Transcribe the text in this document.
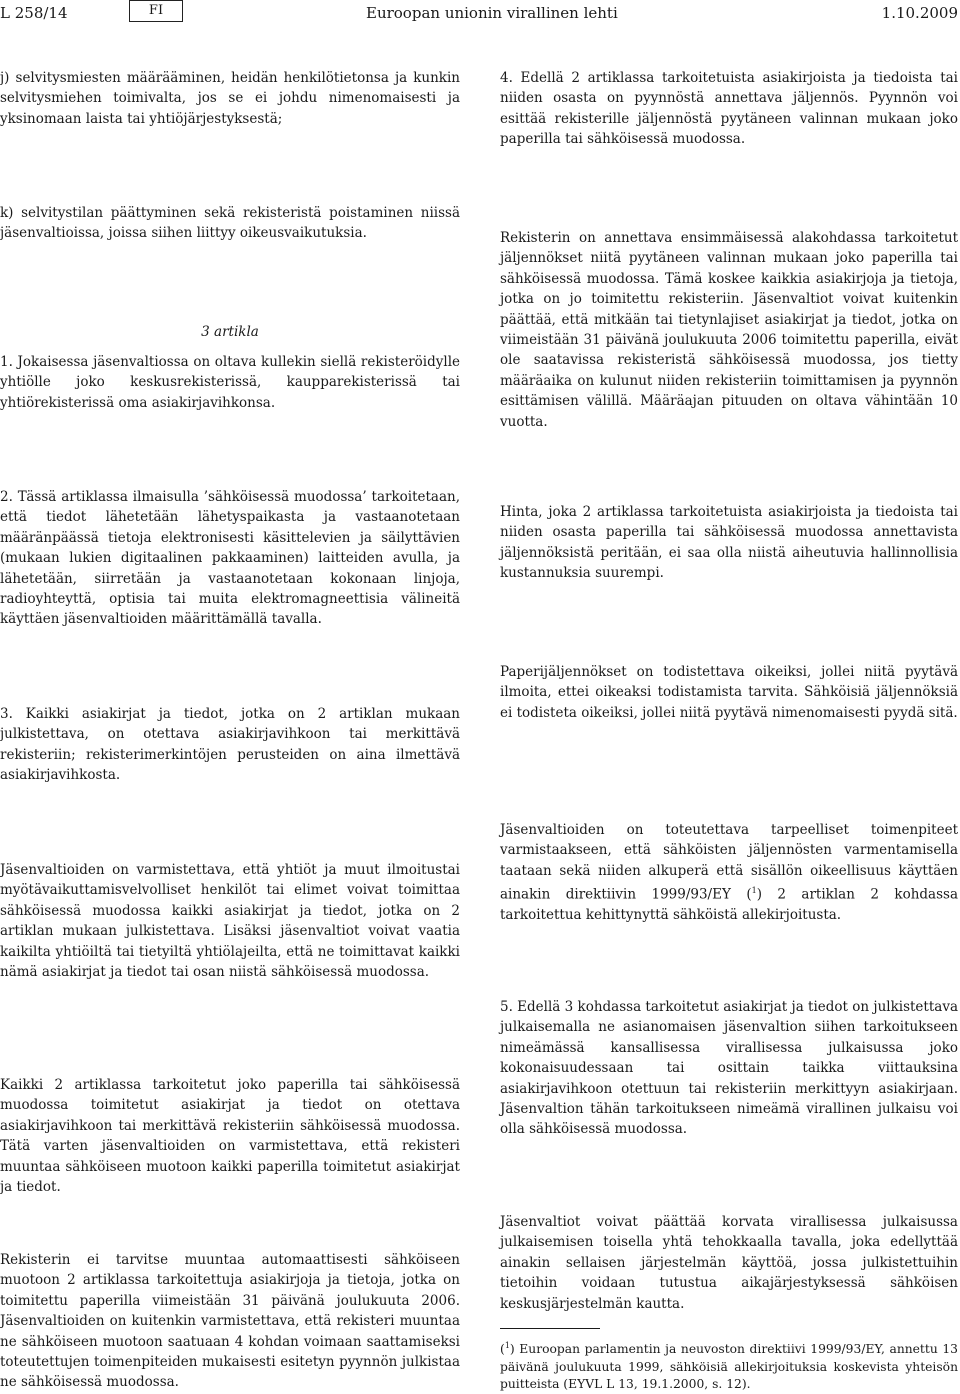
L 258/14	FI	Euroopan unionin virallinen lehti	1.10.2009

j) selvitysmiesten määrääminen, heidän henkilötietonsa ja kunkin selvitysmiehen toimivalta, jos se ei johdu nimenomaisesti ja yksinomaan laista tai yhtiöjärjestyksestä;

k) selvitystilan päättyminen sekä rekisteristä poistaminen niissä jäsenvaltioissa, joissa siihen liittyy oikeusvaikutuksia.

3 artikla

1. Jokaisessa jäsenvaltiossa on oltava kullekin siellä rekisteröidylle yhtiölle joko keskusrekisterissä, kaupparekisterissä tai yhtiörekisterissä oma asiakirjavihkonsa.

2. Tässä artiklassa ilmaisulla ’sähköisessä muodossa’ tarkoitetaan, että tiedot lähetetään lähetyspaikasta ja vastaanotetaan määränpäässä tietoja elektronisesti käsittelevien ja säilyttävien (mukaan lukien digitaalinen pakkaaminen) laitteiden avulla, ja lähetetään, siirretään ja vastaanotetaan kokonaan linjoja, radioyhteyttä, optisia tai muita elektromagneettisia välineitä käyttäen jäsenvaltioiden määrittämällä tavalla.

3. Kaikki asiakirjat ja tiedot, jotka on 2 artiklan mukaan julkistettava, on otettava asiakirjavihkoon tai merkittävä rekisteriin; rekisterimerkintöjen perusteiden on aina ilmettävä asiakirjavihkosta.

Jäsenvaltioiden on varmistettava, että yhtiöt ja muut ilmoitustai myötävaikuttamisvelvolliset henkilöt tai elimet voivat toimittaa sähköisessä muodossa kaikki asiakirjat ja tiedot, jotka on 2 artiklan mukaan julkistettava. Lisäksi jäsenvaltiot voivat vaatia kaikilta yhtiöiltä tai tietyiltä yhtiölajeilta, että ne toimittavat kaikki nämä asiakirjat ja tiedot tai osan niistä sähköisessä muodossa.

Kaikki 2 artiklassa tarkoitetut joko paperilla tai sähköisessä muodossa toimitetut asiakirjat ja tiedot on otettava asiakirjavihkoon tai merkittävä rekisteriin sähköisessä muodossa. Tätä varten jäsenvaltioiden on varmistettava, että rekisteri muuntaa sähköiseen muotoon kaikki paperilla toimitetut asiakirjat ja tiedot.

Rekisterin ei tarvitse muuntaa automaattisesti sähköiseen muotoon 2 artiklassa tarkoitettuja asiakirjoja ja tietoja, jotka on toimitettu paperilla viimeistään 31 päivänä joulukuuta 2006. Jäsenvaltioiden on kuitenkin varmistettava, että rekisteri muuntaa ne sähköiseen muotoon saatuaan 4 kohdan voimaan saattamiseksi toteutettujen toimenpiteiden mukaisesti esitetyn pyynnön julkistaa ne sähköisessä muodossa.

4. Edellä 2 artiklassa tarkoitetuista asiakirjoista ja tiedoista tai niiden osasta on pyynnöstä annettava jäljennös. Pyynnön voi esittää rekisterille jäljennöstä pyytäneen valinnan mukaan joko paperilla tai sähköisessä muodossa.

Rekisterin on annettava ensimmäisessä alakohdassa tarkoitetut jäljennökset niitä pyytäneen valinnan mukaan joko paperilla tai sähköisessä muodossa. Tämä koskee kaikkia asiakirjoja ja tietoja, jotka on jo toimitettu rekisteriin. Jäsenvaltiot voivat kuitenkin päättää, että mitkään tai tietynlajiset asiakirjat ja tiedot, jotka on viimeistään 31 päivänä joulukuuta 2006 toimitettu paperilla, eivät ole saatavissa rekisteristä sähköisessä muodossa, jos tietty määräaika on kulunut niiden rekisteriin toimittamisen ja pyynnön esittämisen välillä. Määräajan pituuden on oltava vähintään 10 vuotta.

Hinta, joka 2 artiklassa tarkoitetuista asiakirjoista ja tiedoista tai niiden osasta paperilla tai sähköisessä muodossa annettavista jäljennöksistä peritään, ei saa olla niistä aiheutuvia hallinnollisia kustannuksia suurempi.

Paperijäljennökset on todistettava oikeiksi, jollei niitä pyytävä ilmoita, ettei oikeaksi todistamista tarvita. Sähköisiä jäljennöksiä ei todisteta oikeiksi, jollei niitä pyytävä nimenomaisesti pyydä sitä.

Jäsenvaltioiden on toteutettava tarpeelliset toimenpiteet varmistaakseen, että sähköisten jäljennösten varmentamisella taataan sekä niiden alkuperä että sisällön oikeellisuus käyttäen ainakin direktiivin 1999/93/EY ($^1$) 2 artiklan 2 kohdassa tarkoitettua kehittynyttä sähköistä allekirjoitusta.

5. Edellä 3 kohdassa tarkoitetut asiakirjat ja tiedot on julkistettava julkaisemalla ne asianomaisen jäsenvaltion siihen tarkoitukseen nimeämässä kansallisessa virallisessa julkaisussa joko kokonaisuudessaan tai osittain taikka viittauksina asiakirjavihkoon otettuun tai rekisteriin merkittyyn asiakirjaan. Jäsenvaltion tähän tarkoitukseen nimeämä virallinen julkaisu voi olla sähköisessä muodossa.

Jäsenvaltiot voivat päättää korvata virallisessa julkaisussa julkaisemisen toisella yhtä tehokkaalla tavalla, joka edellyttää ainakin sellaisen järjestelmän käyttöä, jossa julkistettuihin tietoihin voidaan tutustua aikajärjestyksessä sähköisen keskusjärjestelmän kautta.

($^1$) Euroopan parlamentin ja neuvoston direktiivi 1999/93/EY, annettu 13 päivänä joulukuuta 1999, sähköisiä allekirjoituksia koskevista yhteisön puitteista (EYVL L 13, 19.1.2000, s. 12).
